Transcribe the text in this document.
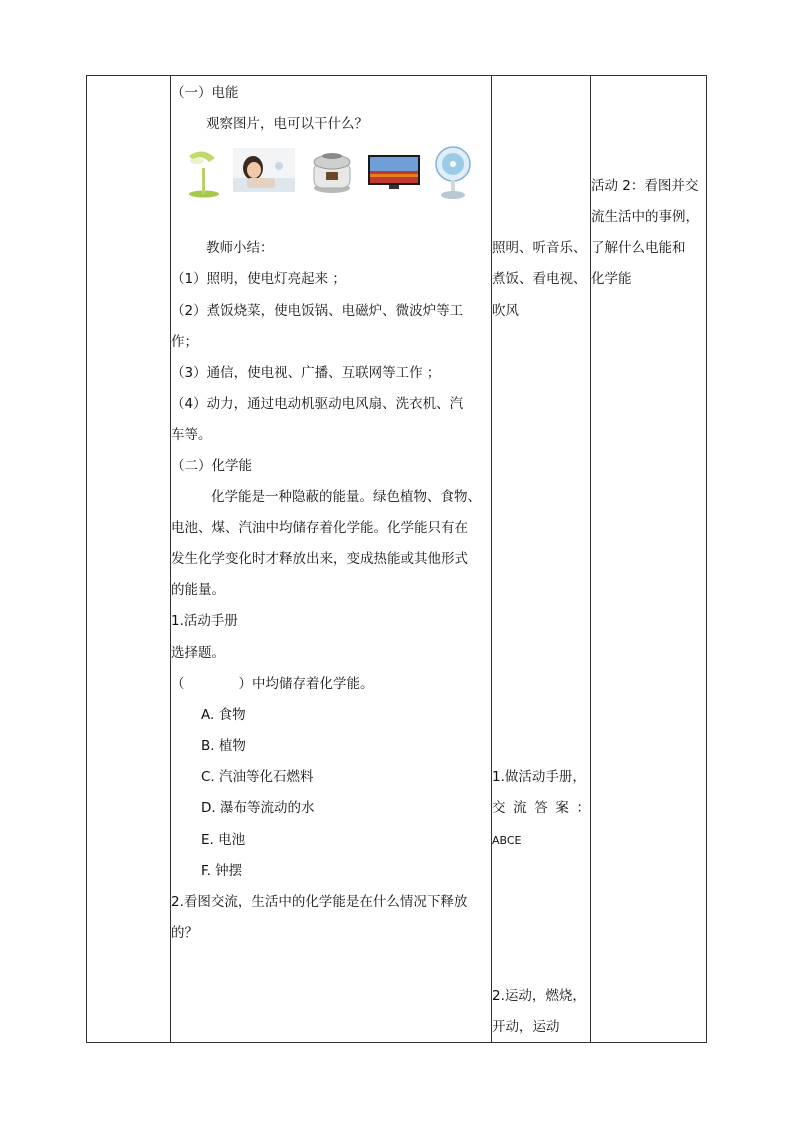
（一）电能
观察图片，电可以干什么？
教师小结：
（1）照明，使电灯亮起来 ；
（2）煮饭烧菜，使电饭锅、电磁炉、微波炉等工
作；
（3）通信，使电视、广播、互联网等工作 ；
（4）动力，通过电动机驱动电风扇、洗衣机、汽
车等。
（二）化学能
化学能是一种隐蔽的能量。绿色植物、食物、
电池、煤、汽油中均储存着化学能。化学能只有在
发生化学变化时才释放出来，变成热能或其他形式
的能量。
1.活动手册
选择题。
（　　　　）中均储存着化学能。
A. 食物
B. 植物
C. 汽油等化石燃料
D. 瀑布等流动的水
E. 电池
F. 钟摆
2.看图交流，生活中的化学能是在什么情况下释放
的？
照明、听音乐、
煮饭、看电视、
吹风
1.做活动手册，
交流答案：
ABCE
2.运动，燃烧，
开动，运动
活动 2：看图并交
流生活中的事例，
了解什么电能和
化学能
